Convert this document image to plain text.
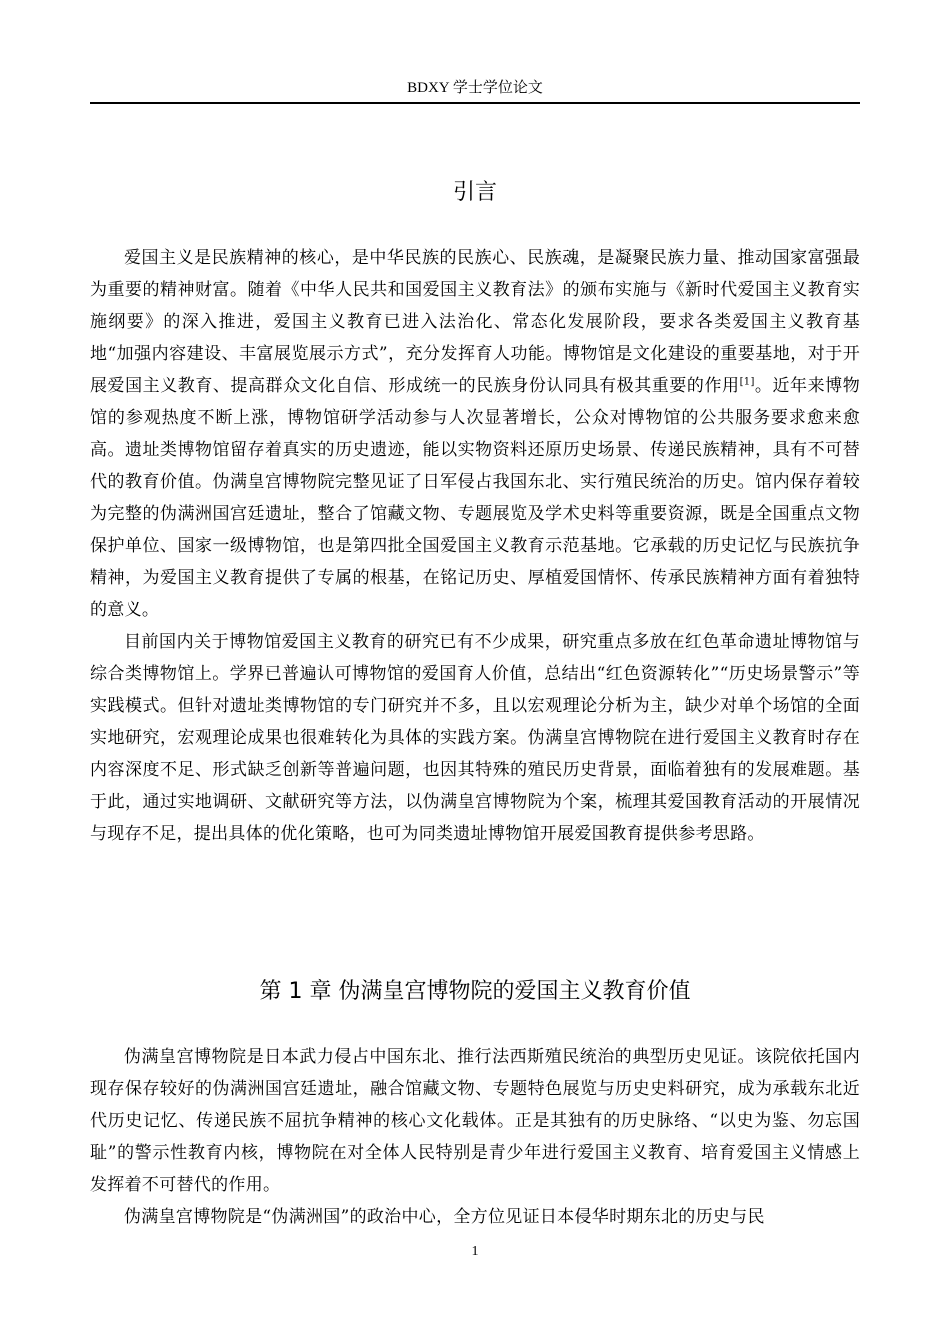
BDXY 学士学位论文
引言

爱国主义是民族精神的核心，是中华民族的民族心、民族魂，是凝聚民族力量、推动国家富强最为重要的精神财富。随着《中华人民共和国爱国主义教育法》的颁布实施与《新时代爱国主义教育实施纲要》的深入推进，爱国主义教育已进入法治化、常态化发展阶段，要求各类爱国主义教育基地“加强内容建设、丰富展览展示方式”，充分发挥育人功能。博物馆是文化建设的重要基地，对于开展爱国主义教育、提高群众文化自信、形成统一的民族身份认同具有极其重要的作用[1]。近年来博物馆的参观热度不断上涨，博物馆研学活动参与人次显著增长，公众对博物馆的公共服务要求愈来愈高。遗址类博物馆留存着真实的历史遗迹，能以实物资料还原历史场景、传递民族精神，具有不可替代的教育价值。伪满皇宫博物院完整见证了日军侵占我国东北、实行殖民统治的历史。馆内保存着较为完整的伪满洲国宫廷遗址，整合了馆藏文物、专题展览及学术史料等重要资源，既是全国重点文物保护单位、国家一级博物馆，也是第四批全国爱国主义教育示范基地。它承载的历史记忆与民族抗争精神，为爱国主义教育提供了专属的根基，在铭记历史、厚植爱国情怀、传承民族精神方面有着独特的意义。

目前国内关于博物馆爱国主义教育的研究已有不少成果，研究重点多放在红色革命遗址博物馆与综合类博物馆上。学界已普遍认可博物馆的爱国育人价值，总结出“红色资源转化”“历史场景警示”等实践模式。但针对遗址类博物馆的专门研究并不多，且以宏观理论分析为主，缺少对单个场馆的全面实地研究，宏观理论成果也很难转化为具体的实践方案。伪满皇宫博物院在进行爱国主义教育时存在内容深度不足、形式缺乏创新等普遍问题，也因其特殊的殖民历史背景，面临着独有的发展难题。基于此，通过实地调研、文献研究等方法，以伪满皇宫博物院为个案，梳理其爱国教育活动的开展情况与现存不足，提出具体的优化策略，也可为同类遗址博物馆开展爱国教育提供参考思路。

第 1 章 伪满皇宫博物院的爱国主义教育价值

伪满皇宫博物院是日本武力侵占中国东北、推行法西斯殖民统治的典型历史见证。该院依托国内现存保存较好的伪满洲国宫廷遗址，融合馆藏文物、专题特色展览与历史史料研究，成为承载东北近代历史记忆、传递民族不屈抗争精神的核心文化载体。正是其独有的历史脉络、“以史为鉴、勿忘国耻”的警示性教育内核，博物院在对全体人民特别是青少年进行爱国主义教育、培育爱国主义情感上发挥着不可替代的作用。

伪满皇宫博物院是“伪满洲国”的政治中心，全方位见证日本侵华时期东北的历史与民

1
